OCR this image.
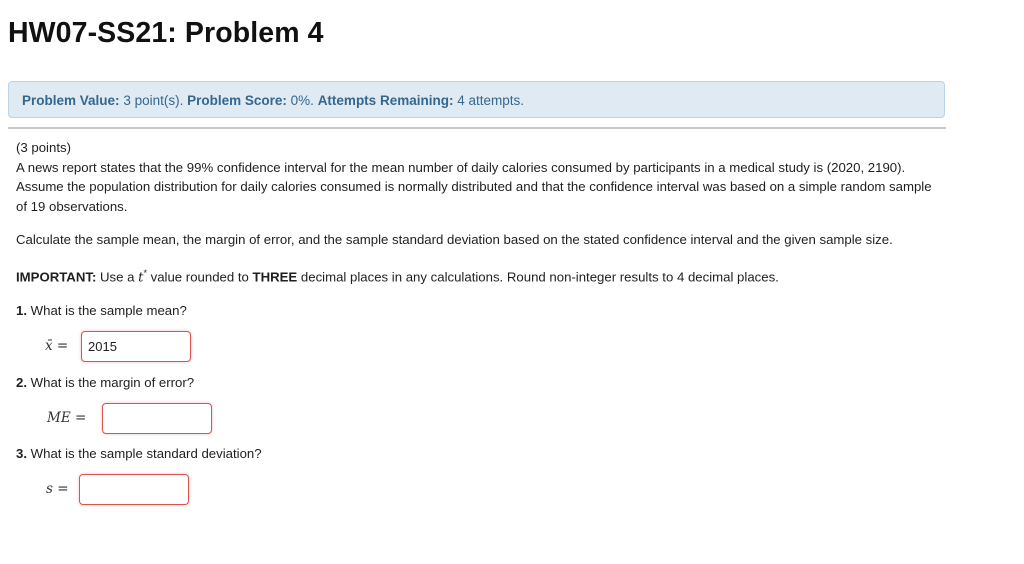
HW07-SS21: Problem 4
Problem Value: 3 point(s). Problem Score: 0%. Attempts Remaining: 4 attempts.

(3 points)

A news report states that the 99% confidence interval for the mean number of daily calories consumed by participants in a medical study is (2020, 2190). Assume the population distribution for daily calories consumed is normally distributed and that the confidence interval was based on a simple random sample of 19 observations.

Calculate the sample mean, the margin of error, and the sample standard deviation based on the stated confidence interval and the given sample size.

IMPORTANT: Use a t* value rounded to THREE decimal places in any calculations. Round non-integer results to 4 decimal places.

1. What is the sample mean?

x̄ =
2015

2. What is the margin of error?

ME =

3. What is the sample standard deviation?

s =
